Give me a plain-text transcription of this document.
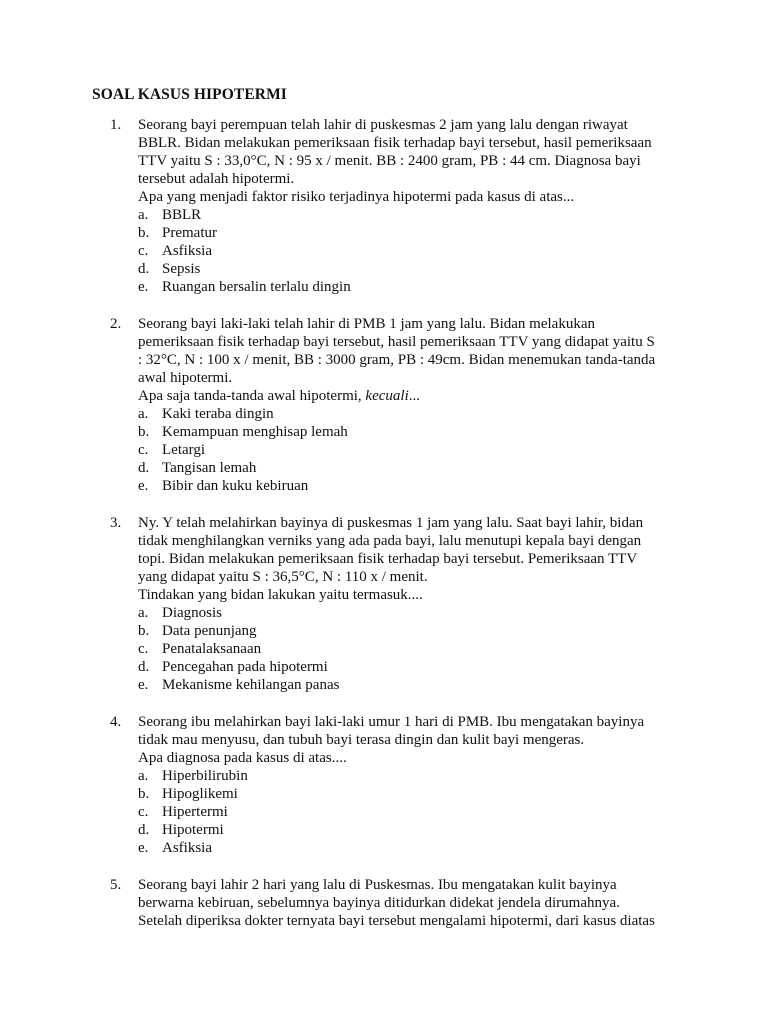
SOAL KASUS HIPOTERMI
1.	Seorang bayi perempuan telah lahir di puskesmas 2 jam yang lalu dengan riwayat
BBLR. Bidan melakukan pemeriksaan fisik terhadap bayi tersebut, hasil pemeriksaan
TTV yaitu S : 33,0°C, N : 95 x / menit. BB : 2400 gram, PB : 44 cm. Diagnosa bayi
tersebut adalah hipotermi.
Apa yang menjadi faktor risiko terjadinya hipotermi pada kasus di atas...
a. BBLR
b. Prematur
c. Asfiksia
d. Sepsis
e. Ruangan bersalin terlalu dingin
2.	Seorang bayi laki-laki telah lahir di PMB 1 jam yang lalu. Bidan melakukan
pemeriksaan fisik terhadap bayi tersebut, hasil pemeriksaan TTV yang didapat yaitu S
: 32°C, N : 100 x / menit, BB : 3000 gram, PB : 49cm. Bidan menemukan tanda-tanda
awal hipotermi.
Apa saja tanda-tanda awal hipotermi, kecuali...
a. Kaki teraba dingin
b. Kemampuan menghisap lemah
c. Letargi
d. Tangisan lemah
e. Bibir dan kuku kebiruan
3.	Ny. Y telah melahirkan bayinya di puskesmas 1 jam yang lalu. Saat bayi lahir, bidan
tidak menghilangkan verniks yang ada pada bayi, lalu menutupi kepala bayi dengan
topi. Bidan melakukan pemeriksaan fisik terhadap bayi tersebut. Pemeriksaan TTV
yang didapat yaitu S : 36,5°C, N : 110 x / menit.
Tindakan yang bidan lakukan yaitu termasuk....
a. Diagnosis
b. Data penunjang
c. Penatalaksanaan
d. Pencegahan pada hipotermi
e. Mekanisme kehilangan panas
4.	Seorang ibu melahirkan bayi laki-laki umur 1 hari di PMB. Ibu mengatakan bayinya
tidak mau menyusu, dan tubuh bayi terasa dingin dan kulit bayi mengeras.
Apa diagnosa pada kasus di atas....
a. Hiperbilirubin
b. Hipoglikemi
c. Hipertermi
d. Hipotermi
e. Asfiksia
5.	Seorang bayi lahir 2 hari yang lalu di Puskesmas. Ibu mengatakan kulit bayinya
berwarna kebiruan, sebelumnya bayinya ditidurkan didekat jendela dirumahnya.
Setelah diperiksa dokter ternyata bayi tersebut mengalami hipotermi, dari kasus diatas
